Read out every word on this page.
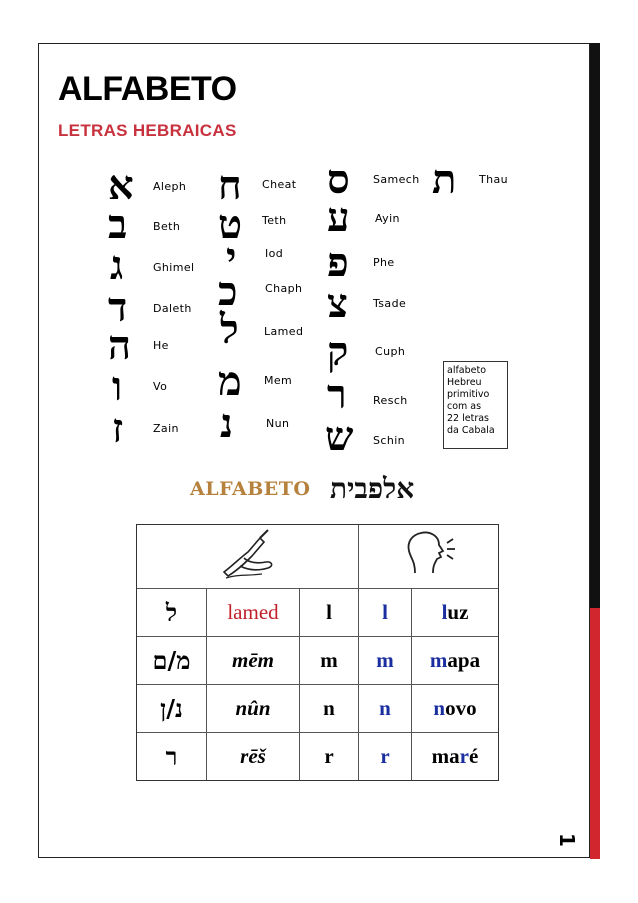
ALFABETO
LETRAS HEBRAICAS
א Aleph
ב Beth
ג	Ghimel
ד Daleth
ה He
ו	Vo
ז	Zain
ח Cheat
ט Teth
י	Iod
כ Chaph
ל Lamed
מ Mem
נ	Nun
ס Samech
ע Ayin
פ Phe
צ Tsade
ק Cuph
ר Resch
ש Schin
ת Thau
alfabeto
Hebreu
primitivo
com as
22 letras
da Cabala
ALFABETO אלפבית
ל	lamed	l	l	l uz
מ/ם	mēm	m	m	m apa
נ/ן	nûn	n	n	n ovo
ר	rēš	r	r	ma r é
1
